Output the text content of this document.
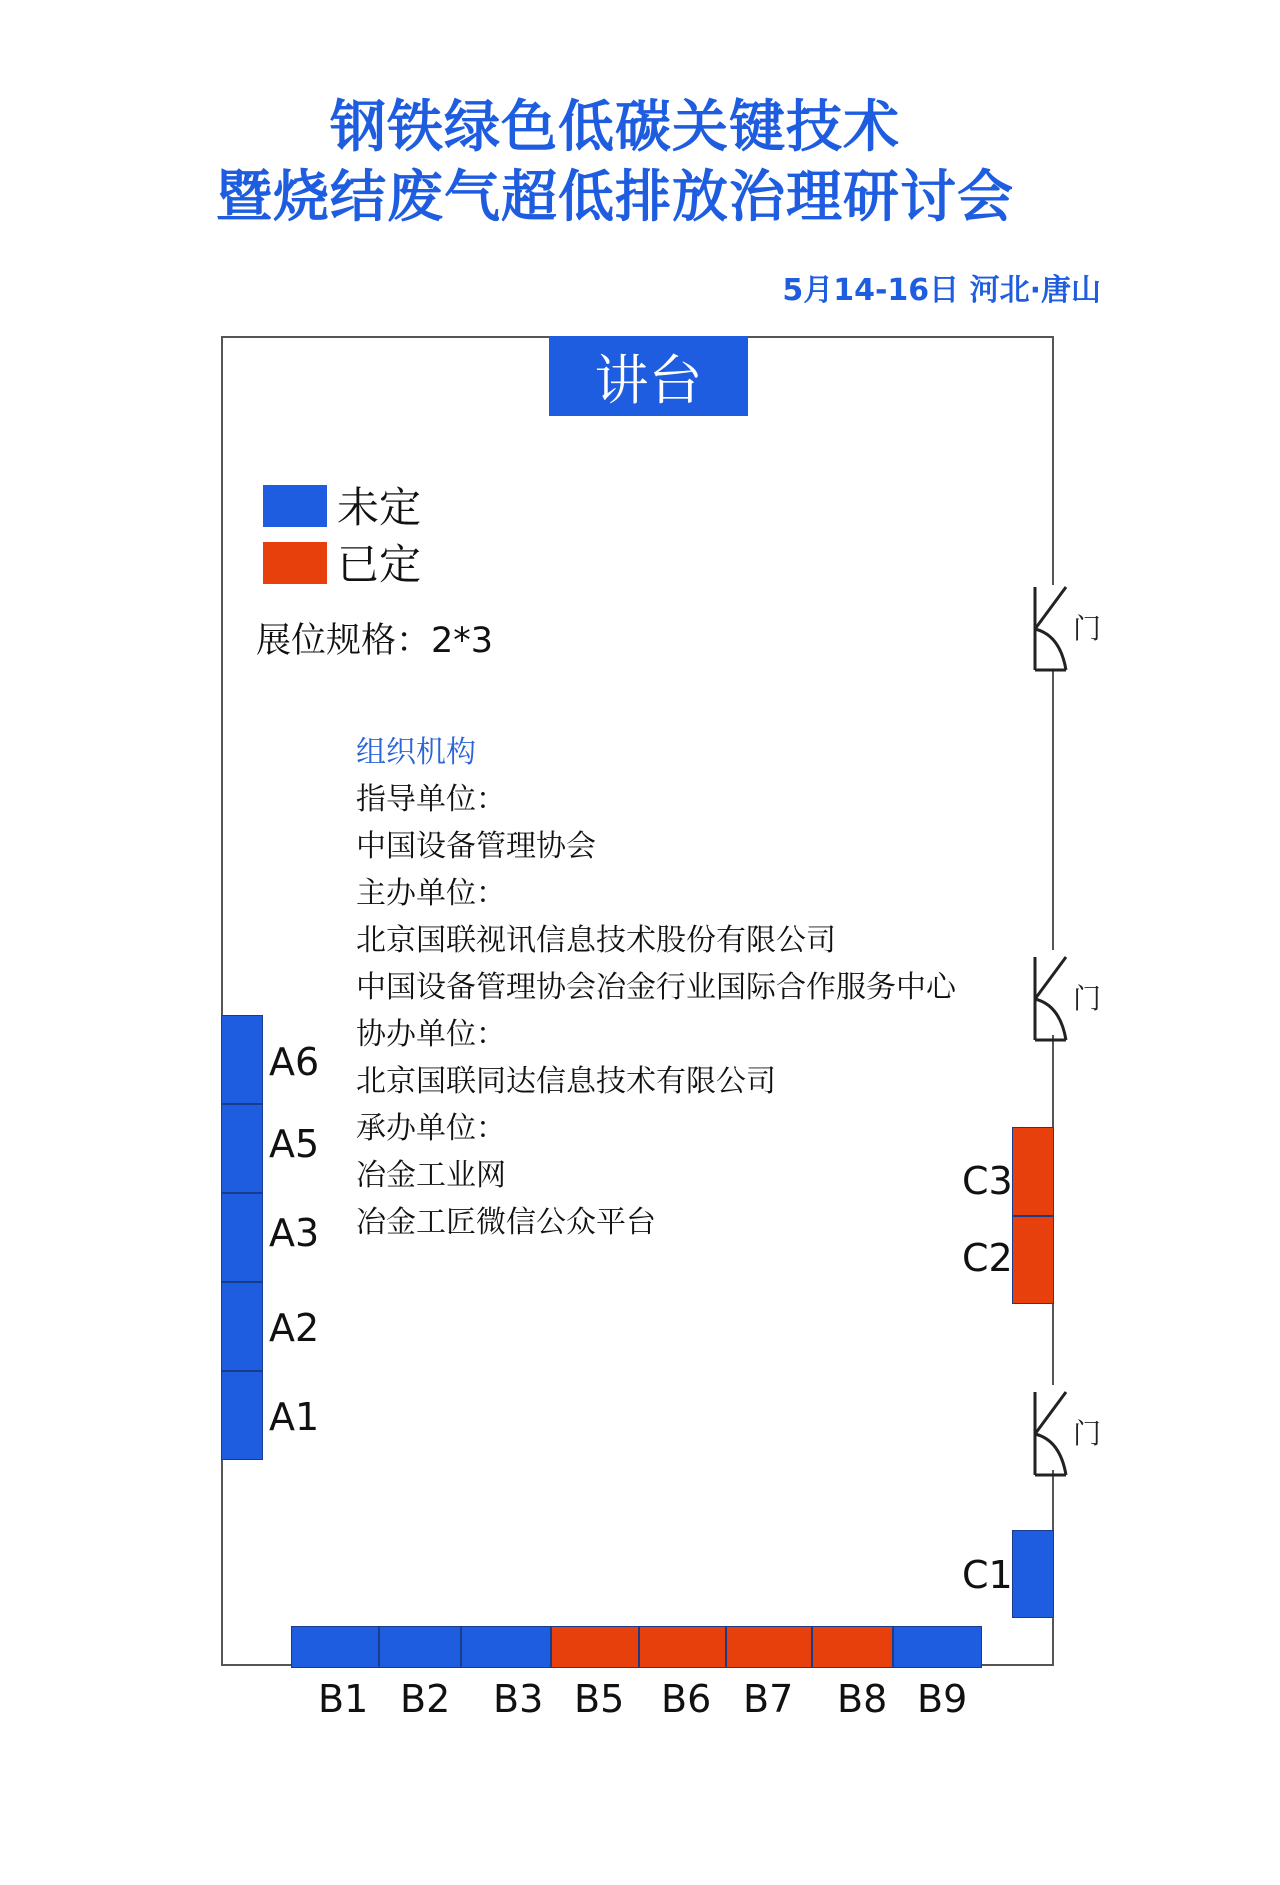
钢铁绿色低碳关键技术
暨烧结废气超低排放治理研讨会
5月14-16日 河北·唐山
讲台
未定
已定
展位规格：2*3
组织机构
指导单位：
中国设备管理协会
主办单位：
北京国联视讯信息技术股份有限公司
中国设备管理协会冶金行业国际合作服务中心
协办单位：
北京国联同达信息技术有限公司
承办单位：
冶金工业网
冶金工匠微信公众平台
A6
A5
A3
A2
A1
B1 B2 B3 B5 B6 B7 B8 B9
C3
C2
C1
门
门
门
